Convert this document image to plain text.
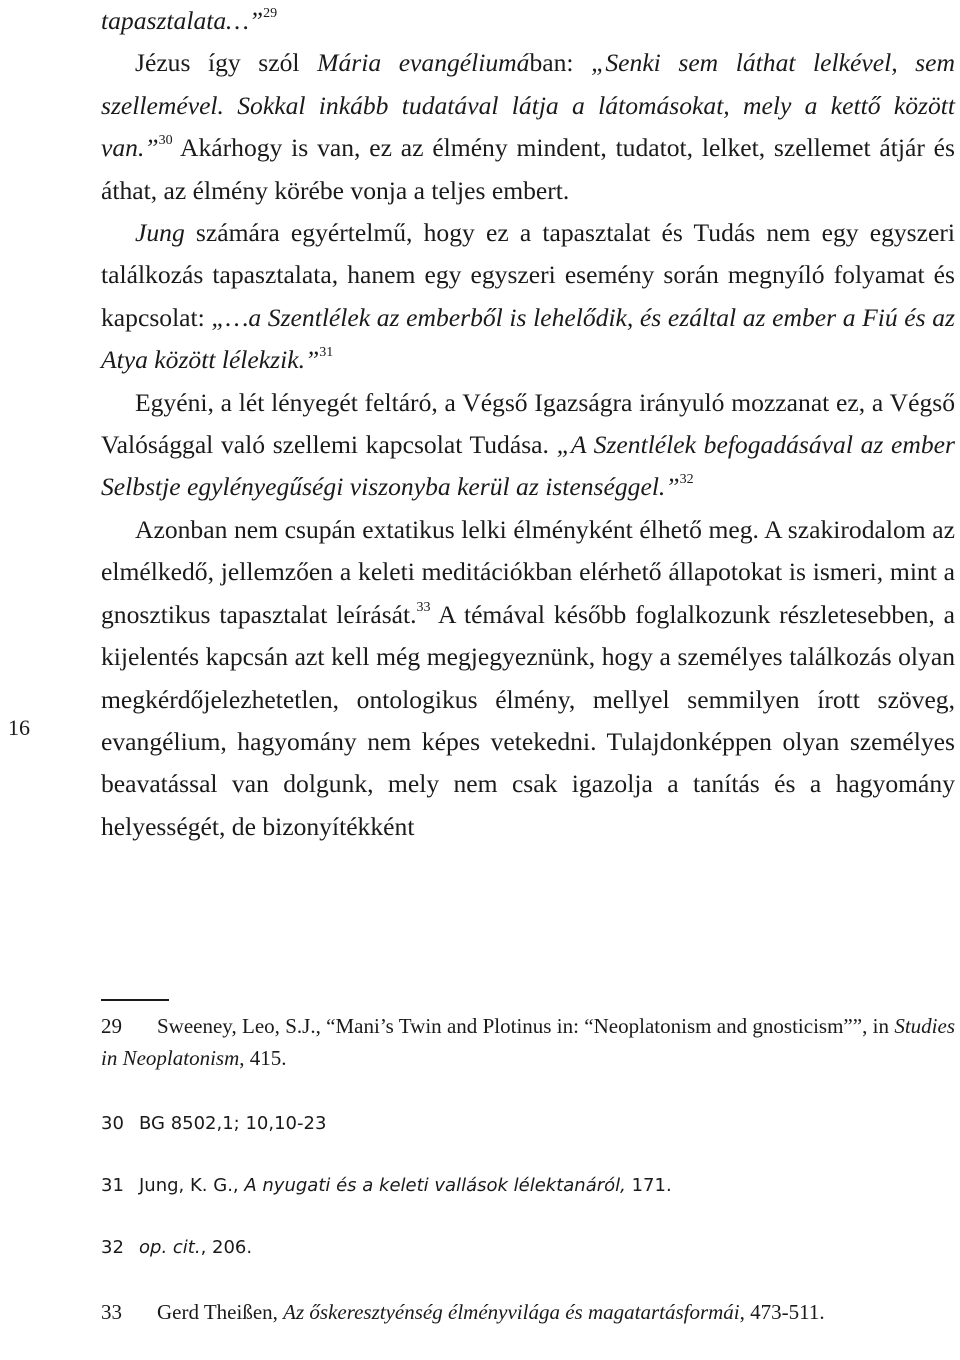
16

tapasztalata…”$^{29}$

Jézus így szól Mária evangéliumában: „Senki sem láthat lelkével, sem szellemével. Sokkal inkább tudatával látja a látomásokat, mely a kettő között van.”$^{30}$ Akárhogy is van, ez az élmény mindent, tudatot, lelket, szellemet átjár és áthat, az élmény körébe vonja a teljes embert.

Jung számára egyértelmű, hogy ez a tapasztalat és Tudás nem egy egyszeri találkozás tapasztalata, hanem egy egyszeri esemény során megnyíló folyamat és kapcsolat: „…a Szentlélek az emberből is lehelődik, és ezáltal az ember a Fiú és az Atya között lélekzik.”$^{31}$

Egyéni, a lét lényegét feltáró, a Végső Igazságra irányuló mozzanat ez, a Végső Valósággal való szellemi kapcsolat Tudása. „A Szentlélek befogadásával az ember Selbstje egylényegűségi viszonyba kerül az istenséggel.”$^{32}$

Azonban nem csupán extatikus lelki élményként élhető meg. A szakirodalom az elmélkedő, jellemzően a keleti meditációkban elérhető állapotokat is ismeri, mint a gnosztikus tapasztalat leírását.$^{33}$ A témával később foglalkozunk részletesebben, a kijelentés kapcsán azt kell még megjegyeznünk, hogy a személyes találkozás olyan megkérdőjelezhetetlen, ontologikus élmény, mellyel semmilyen írott szöveg, evangélium, hagyomány nem képes vetekedni. Tulajdonképpen olyan személyes beavatással van dolgunk, mely nem csak igazolja a tanítás és a hagyomány helyességét, de bizonyítékként

29 Sweeney, Leo, S.J., “Mani’s Twin and Plotinus in: “Neoplatonism and gnosticism””, in Studies in Neoplatonism, 415.

30 BG 8502,1; 10,10-23

31 Jung, K. G., A nyugati és a keleti vallások lélektanáról, 171.

32 op. cit., 206.

33 Gerd Theißen, Az őskeresztyénség élményvilága és magatartásformái, 473-511.
